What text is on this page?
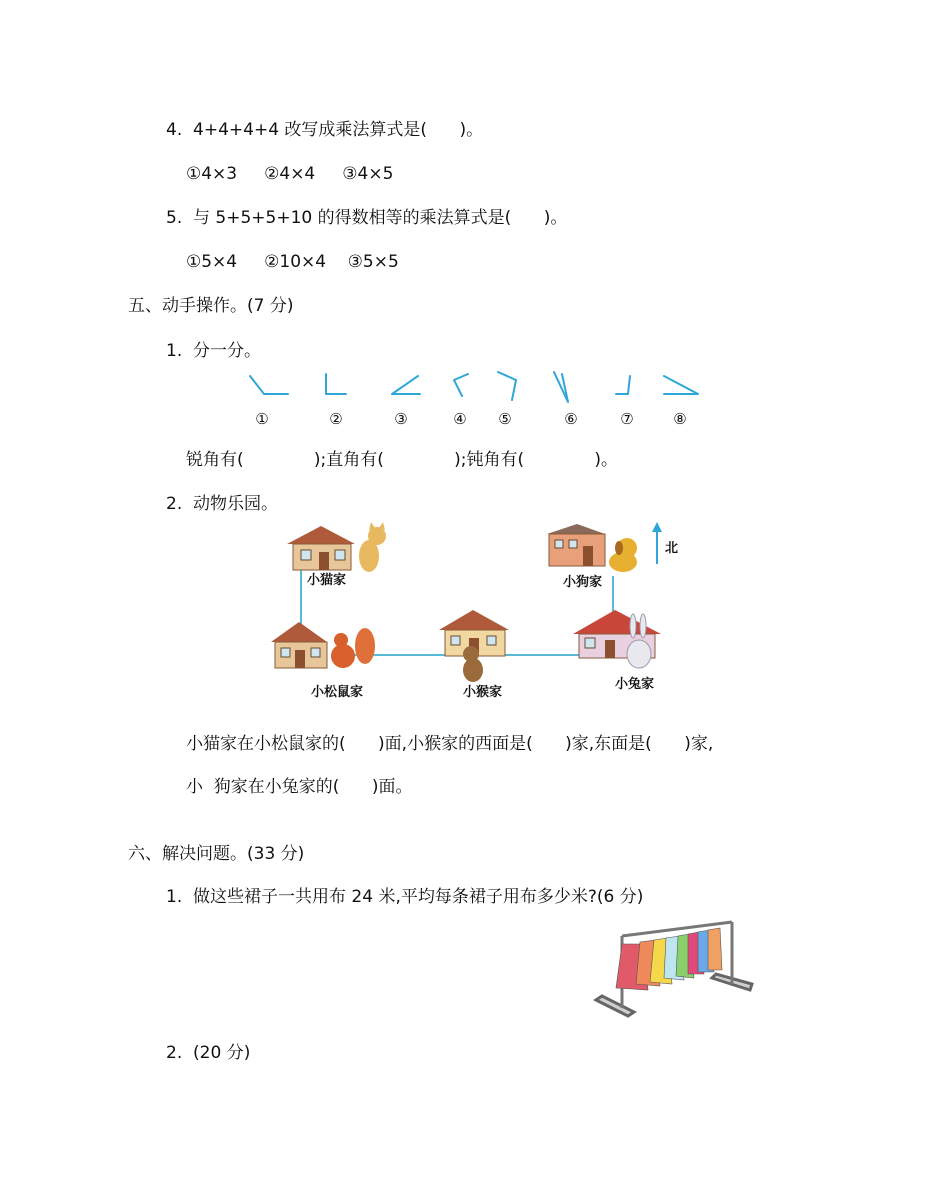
4.  4+4+4+4 改写成乘法算式是(      )。
①4×3     ②4×4     ③4×5
5.  与 5+5+5+10 的得数相等的乘法算式是(      )。
①5×4     ②10×4    ③5×5
五、动手操作。(7 分)
1.  分一分。
①	②	③	④ ⑤	⑥	⑦	⑧
锐角有(             );直角有(             );钝角有(             )。
2.  动物乐园。
北
小猫家	小狗家
小松鼠家	小猴家
小兔家
小猫家在小松鼠家的(      )面,小猴家的西面是(      )家,东面是(      )家,
小  狗家在小兔家的(      )面。
六、解决问题。(33 分)
1.  做这些裙子一共用布 24 米,平均每条裙子用布多少米?(6 分)
2.  (20 分)
